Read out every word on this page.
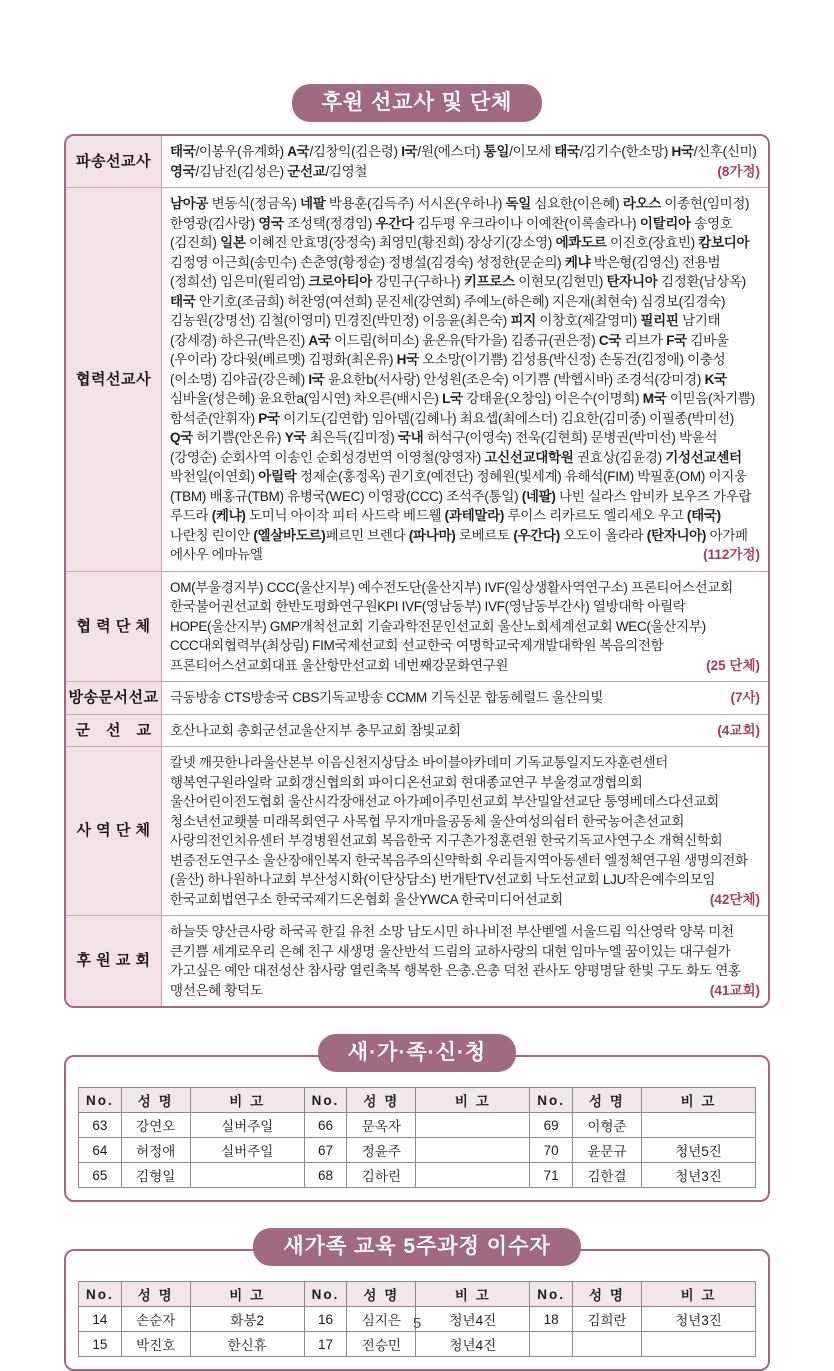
후원 선교사 및 단체
파송선교사	태국/이봉우(유계화) A국/김창익(김은령) I국/원(에스더) 통일/이모세 태국/김기수(한소망) H국/신후(신미) 영국/김남진(김성은) 군선교/김영철 (8가정)

협력선교사	남아공 변동식(정금옥) 네팔 박용훈(김득주) 서시온(우하나) 독일 심요한(이은혜) 라오스 이종현(임미정) 한영광(김사랑) 영국 조성택(정경임) 우간다 김두평 우크라이나 이예찬(이록솔라나) 이탈리아 송영호(김진희) 일본 이혜진 안효명(장정숙) 최영민(황진희) 장상기(강소영) 에콰도르 이진호(장효빈) 캄보디아 김정영 이근희(송민수) 손춘영(황정순) 정병설(김경숙) 성정한(문순의) 케냐 박은형(김영신) 전용범(정희선) 임은미(윌리엄) 크로아티아 강민구(구하나) 키프로스 이현모(김현민) 탄자니아 김정환(남상옥) 태국 안기호(조금희) 허찬영(여선희) 문진세(강연희) 주예노(하은혜) 지은재(최현숙) 심경보(김경숙) 김농원(강명선) 김철(이영미) 민경진(박민정) 이응윤(최은숙) 피지 이창호(제갈영미) 필리핀 남기태(강세경) 하은규(박은진) A국 이드림(허미소) 윤온유(탁가을) 김종규(권은정) C국 리브가 F국 김바울(우이라) 강다윗(베르멧) 김평화(최온유) H국 오소망(이기쁨) 김성용(박신정) 손동건(김정애) 이충성(이소명) 김야곱(강은혜) I국 윤요한b(서사랑) 안성원(조은숙) 이기쁨 (박헵시바) 조경석(강미경) K국 심바울(성은혜) 윤요한a(임시연) 차오른(배시은) L국 강태윤(오창임) 이은수(이명희) M국 이믿음(차기쁨) 함석준(안휘자) P국 이기도(김연합) 임아뎀(김혜나) 최요셉(최에스더) 김요한(김미중) 이필종(박미선) Q국 허기쁨(안온유) Y국 최은득(김미정) 국내 허석구(이영숙) 전욱(김현희) 문병권(박미선) 박윤석(강영순) 순회사역 이송인 순회성경번역 이영철(양영자) 고신선교대학원 권효상(김윤경) 기성선교센터 박천일(이연회) 아릴락 정제순(홍정옥) 권기호(예전단) 정혜원(빛세계) 유해석(FIM) 박필훈(OM) 이지웅(TBM) 배홍규(TBM) 유병국(WEC) 이영광(CCC) 조석주(통일) (네팔) 나빈 실라스 암비카 보우즈 가우랍 루드라 (케냐) 도미닉 아이작 피터 사드락 베드웰 (과테말라) 루이스 리카르도 엘리세오 우고 (태국) 나란칭 린이안 (엘살바도르)페르민 브렌다 (파나마) 로베르토 (우간다) 오도이 올라라 (탄자니아) 아가페 에사우 에마뉴엘 (112가정)

협 력 단 체	OM(부울경지부) CCC(울산지부) 예수전도단(울산지부) IVF(일상생활사역연구소) 프론티어스선교회 한국불어권선교회 한반도평화연구원KPI IVF(영남동부) IVF(영남동부간사) 열방대학 아릴락 HOPE(울산지부) GMP개척선교회 기술과학전문인선교회 울산노회세계선교회 WEC(울산지부) CCC대외협력부(최상림) FIM국제선교회 선교한국 여명학교국제개발대학원 복음의전함 프론티어스선교회대표 울산항만선교회 네번째강문화연구원 (25 단체)

방송문서선교	극동방송 CTS방송국 CBS기독교방송 CCMM 기독신문 합동헤럴드 울산의빛 (7사)

군　선　교	호산나교회 총회군선교울산지부 충무교회 참빛교회 (4교회)

사 역 단 체	칼넷 깨끗한나라울산본부 이음신천지상담소 바이블아카데미 기독교통일지도자훈련센터 행복연구원라일락 교회갱신협의회 파이디온선교회 현대종교연구 부울경교갱협의회 울산어린이전도협회 울산시각장애선교 아가페이주민선교회 부산밀알선교단 통영베데스다선교회 청소년선교횃불 미래목회연구 사목협 무지개마을공동체 울산여성의쉼터 한국농어촌선교회 사랑의전인치유센터 부경병원선교회 복음한국 지구촌가정훈련원 한국기독교사연구소 개혁신학회 변증전도연구소 울산장애인복지 한국복음주의신약학회 우리들지역아동센터 엘정책연구원 생명의전화(울산) 하나원하나교회 부산성시화(이단상담소) 번개탄TV선교회 낙도선교회 LJU작은예수의모임 한국교회법연구소 한국국제기드온협회 울산YWCA 한국미디어선교회 (42단체)

후 원 교 회	하늘뜻 양산큰사랑 하국곡 한길 유천 소망 남도시민 하나비전 부산벧엘 서울드림 익산영락 양북 미천 큰기쁨 세계로우리 은혜 친구 새생명 울산반석 드림의 교하사랑의 대현 임마누엘 꿈이있는 대구쉴가 가고싶은 예안 대전성산 참사랑 열린축복 행복한 은총.은총 덕천 관사도 양평명달 한빛 구도 화도 연홍 맹선은혜 황덕도 (41교회)
새·가·족·신·청
No.	성 명	비 고	No.	성 명	비 고	No.	성 명	비 고
63	강연오	실버주일	66	문옥자		69	이형준	
64	허정애	실버주일	67	정윤주		70	윤문규	청년5진
65	김형일		68	김하린		71	김한결	청년3진
새가족 교육 5주과정 이수자
No.	성 명	비 고	No.	성 명	비 고	No.	성 명	비 고
14	손순자	화봉2	16	심지은	청년4진	18	김희란	청년3진
15	박진호	한신휴	17	전승민	청년4진			
5
